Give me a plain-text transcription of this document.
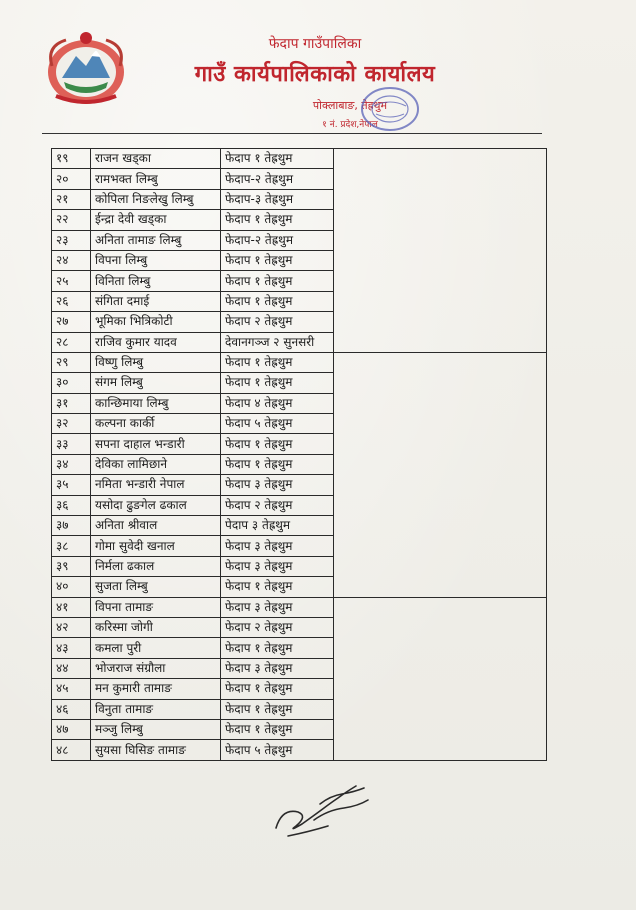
फेदाप गाउँपालिका
गाउँ कार्यपालिकाको कार्यालय
पोक्लाबाङ, तेह्रथुम
१ नं. प्रदेश,नेपाल
१९	राजन खड्का	फेदाप १ तेह्रथुम	
२०	रामभक्त लिम्बु	फेदाप-२ तेह्रथुम	
२१	कोपिला निङलेखु लिम्बु	फेदाप-३ तेह्रथुम	
२२	ईन्द्रा देवी खड्का	फेदाप १ तेह्रथुम	
२३	अनिता तामाङ लिम्बु	फेदाप-२ तेह्रथुम	
२४	विपना लिम्बु	फेदाप १ तेह्रथुम	
२५	विनिता लिम्बु	फेदाप १ तेह्रथुम	
२६	संगिता दमाई	फेदाप १ तेह्रथुम	
२७	भूमिका भित्रिकोटी	फेदाप २ तेह्रथुम	
२८	राजिव कुमार यादव	देवानगञ्ज २ सुनसरी	
२९	विष्णु लिम्बु	फेदाप १ तेह्रथुम	
३०	संगम लिम्बु	फेदाप १ तेह्रथुम	
३१	कान्छिमाया लिम्बु	फेदाप ४ तेह्रथुम	
३२	कल्पना कार्की	फेदाप ५ तेह्रथुम	
३३	सपना दाहाल भन्डारी	फेदाप १ तेह्रथुम	
३४	देविका लामिछाने	फेदाप १ तेह्रथुम	
३५	नमिता भन्डारी नेपाल	फेदाप ३ तेह्रथुम	
३६	यसोदा ढुङगेल ढकाल	फेदाप २ तेह्रथुम	
३७	अनिता श्रीवाल	पेदाप ३ तेह्रथुम	
३८	गोमा सुवेदी खनाल	फेदाप ३ तेह्रथुम	
३९	निर्मला ढकाल	फेदाप ३ तेह्रथुम	
४०	सुजता लिम्बु	फेदाप १ तेह्रथुम	
४१	विपना तामाङ	फेदाप ३ तेह्रथुम	
४२	करिस्मा जोगी	फेदाप २ तेह्रथुम	
४३	कमला पुरी	फेदाप १ तेह्रथुम	
४४	भोजराज संग्रौला	फेदाप ३ तेह्रथुम	
४५	मन कुमारी तामाङ	फेदाप १ तेह्रथुम	
४६	विनुता तामाङ	फेदाप १ तेह्रथुम	
४७	मञ्जु लिम्बु	फेदाप १ तेह्रथुम	
४८	सुयसा घिसिङ तामाङ	फेदाप ५ तेह्रथुम	
